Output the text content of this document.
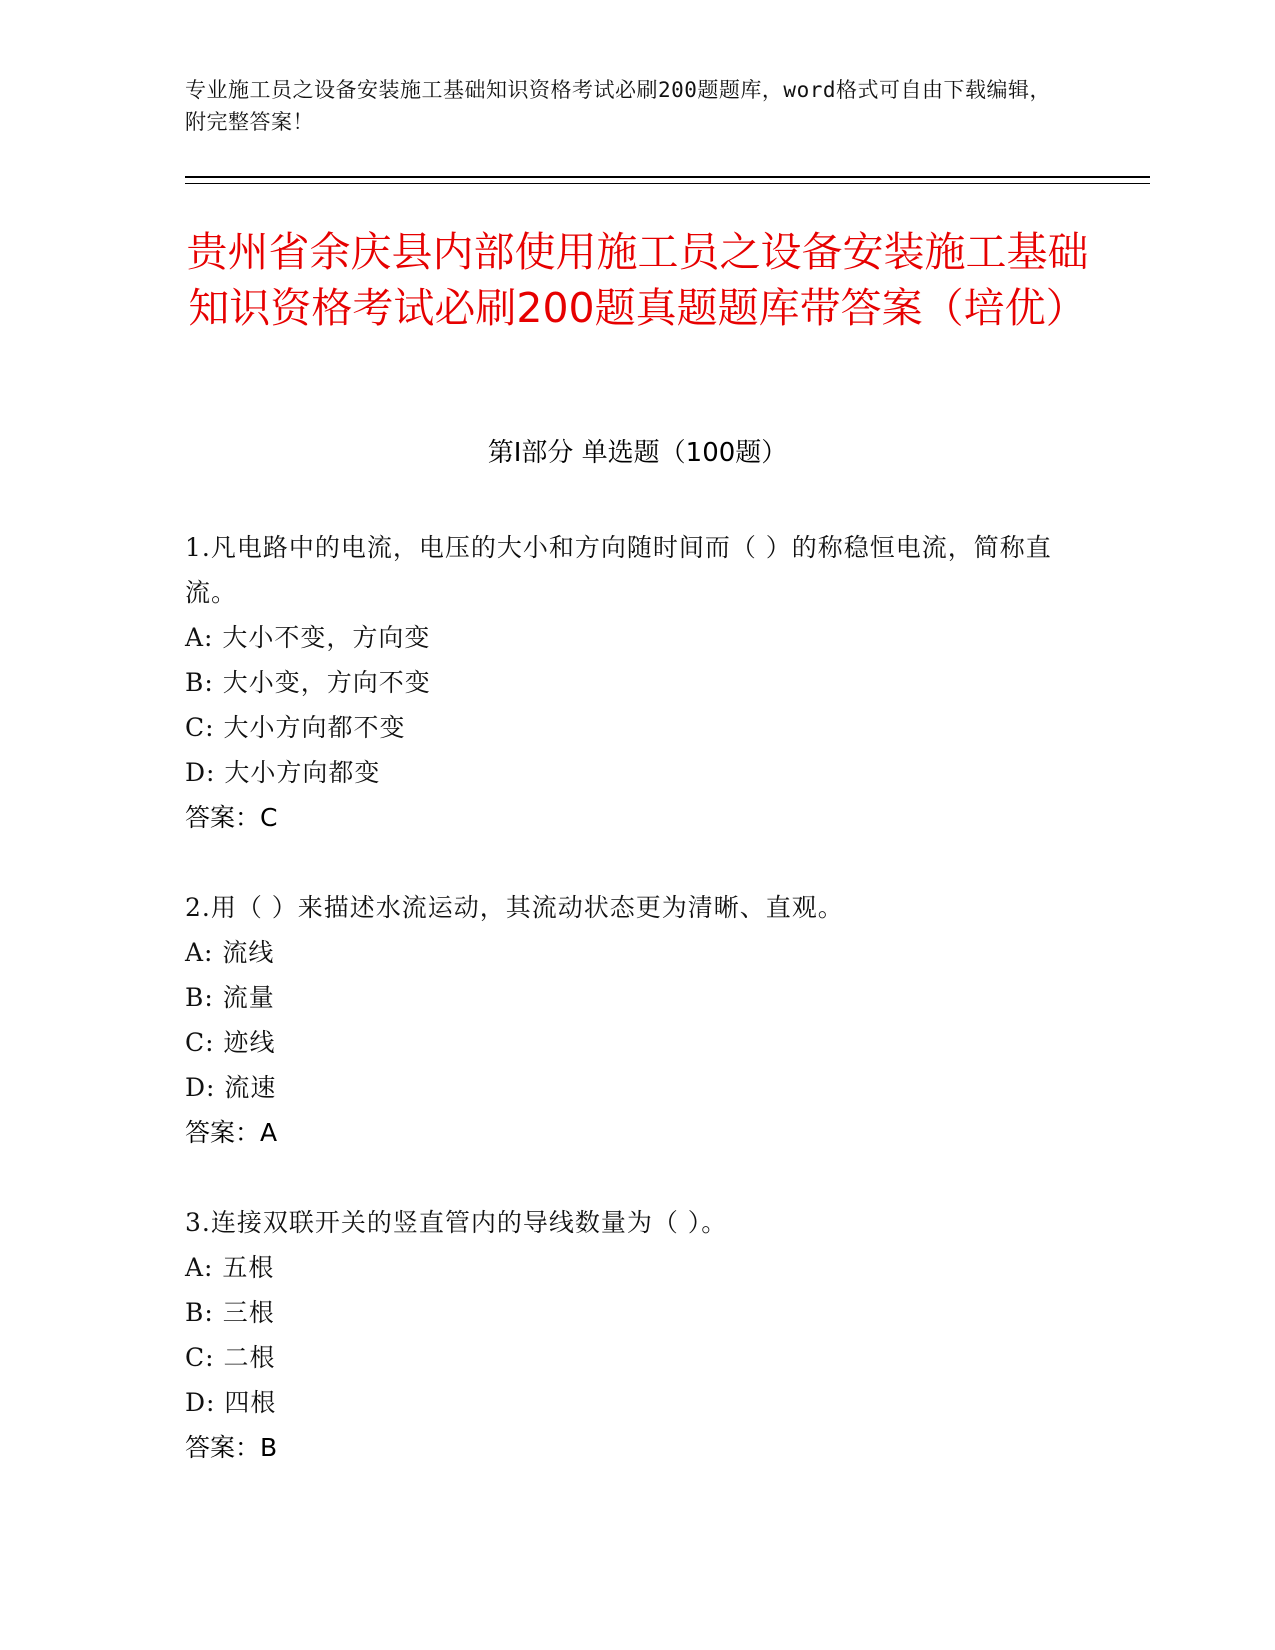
专业施工员之设备安装施工基础知识资格考试必刷200题题库，word格式可自由下载编辑，附完整答案！
贵州省余庆县内部使用施工员之设备安装施工基础知识资格考试必刷200题真题题库带答案（培优）
第Ⅰ部分 单选题（100题）
1.凡电路中的电流，电压的大小和方向随时间而（ ）的称稳恒电流，简称直流。
A: 大小不变，方向变
B: 大小变，方向不变
C: 大小方向都不变
D: 大小方向都变
答案：C
2.用（ ）来描述水流运动，其流动状态更为清晰、直观。
A: 流线
B: 流量
C: 迹线
D: 流速
答案：A
3.连接双联开关的竖直管内的导线数量为（ ）。
A: 五根
B: 三根
C: 二根
D: 四根
答案：B
